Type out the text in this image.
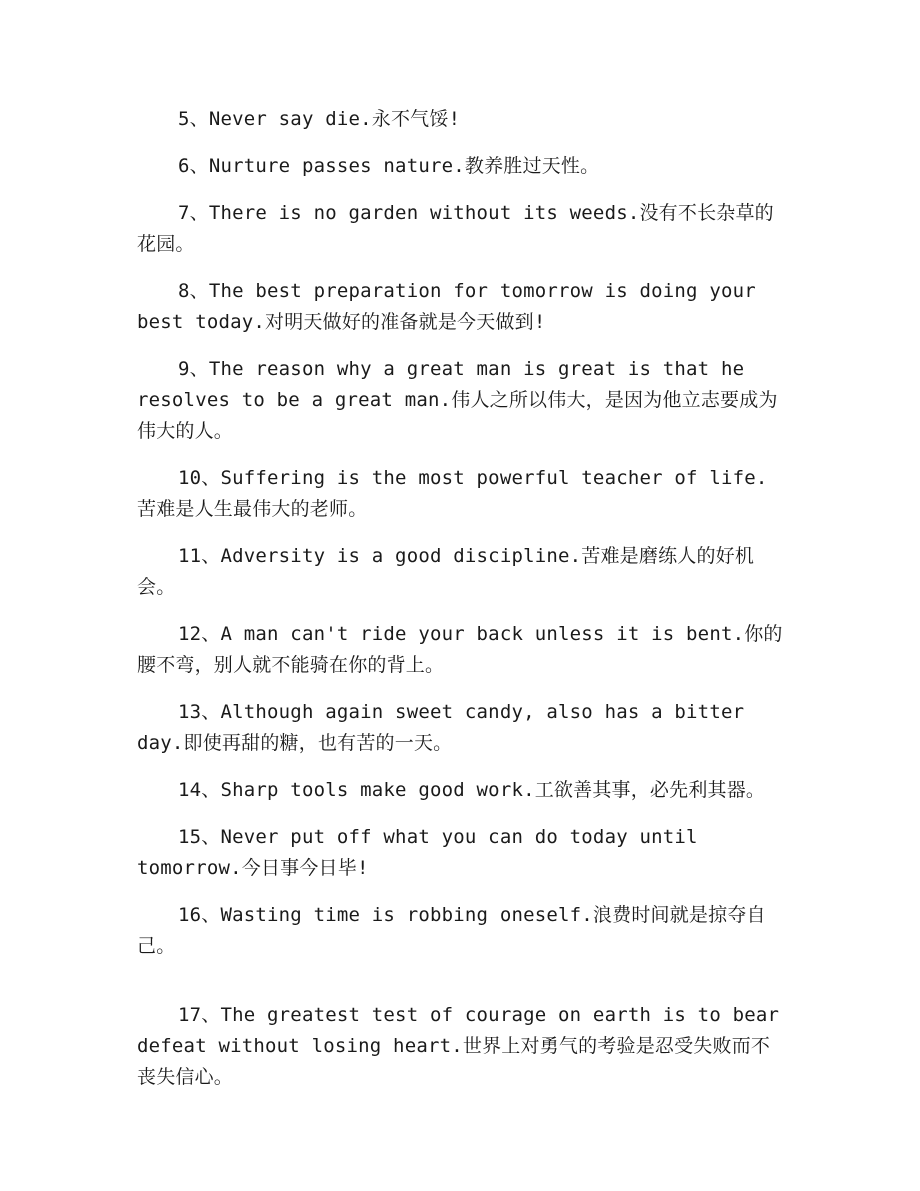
5、Never say die.永不气馁!

6、Nurture passes nature.教养胜过天性。

7、There is no garden without its weeds.没有不长杂草的花园。

8、The best preparation for tomorrow is doing your best today.对明天做好的准备就是今天做到!

9、The reason why a great man is great is that he resolves to be a great man.伟人之所以伟大，是因为他立志要成为伟大的人。

10、Suffering is the most powerful teacher of life.苦难是人生最伟大的老师。

11、Adversity is a good discipline.苦难是磨练人的好机会。

12、A man can't ride your back unless it is bent.你的腰不弯，别人就不能骑在你的背上。

13、Although again sweet candy, also has a bitter day.即使再甜的糖，也有苦的一天。

14、Sharp tools make good work.工欲善其事，必先利其器。

15、Never put off what you can do today until tomorrow.今日事今日毕!

16、Wasting time is robbing oneself.浪费时间就是掠夺自己。

17、The greatest test of courage on earth is to bear defeat without losing heart.世界上对勇气的考验是忍受失败而不丧失信心。
